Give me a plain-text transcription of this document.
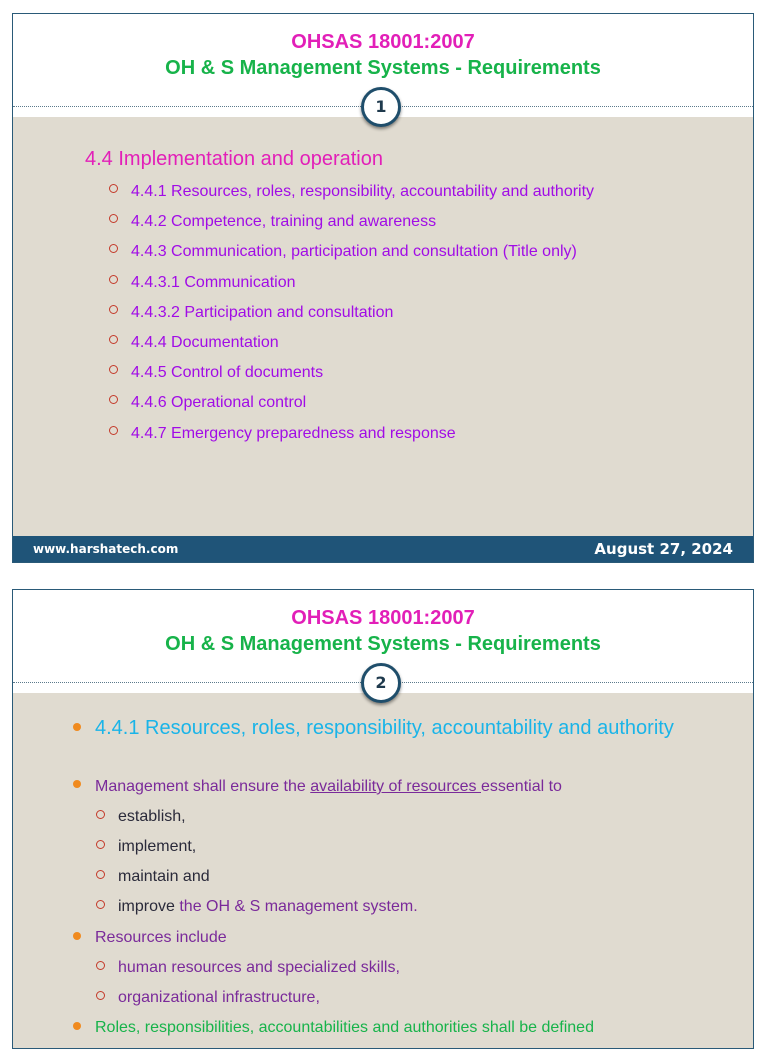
OHSAS 18001:2007
OH & S Management Systems - Requirements
1
4.4 Implementation and operation
4.4.1 Resources, roles, responsibility, accountability and authority
4.4.2 Competence, training and awareness
4.4.3 Communication, participation and consultation (Title only)
4.4.3.1 Communication
4.4.3.2 Participation and consultation
4.4.4 Documentation
4.4.5 Control of documents
4.4.6 Operational control
4.4.7 Emergency preparedness and response
www.harshatech.com	August 27, 2024
OHSAS 18001:2007
OH & S Management Systems - Requirements
2
4.4.1 Resources, roles, responsibility, accountability and authority
Management shall ensure the availability of resources essential to
establish,
implement,
maintain and
improve the OH & S management system.
Resources include
human resources and specialized skills,
organizational infrastructure,
Roles, responsibilities, accountabilities and authorities shall be defined
